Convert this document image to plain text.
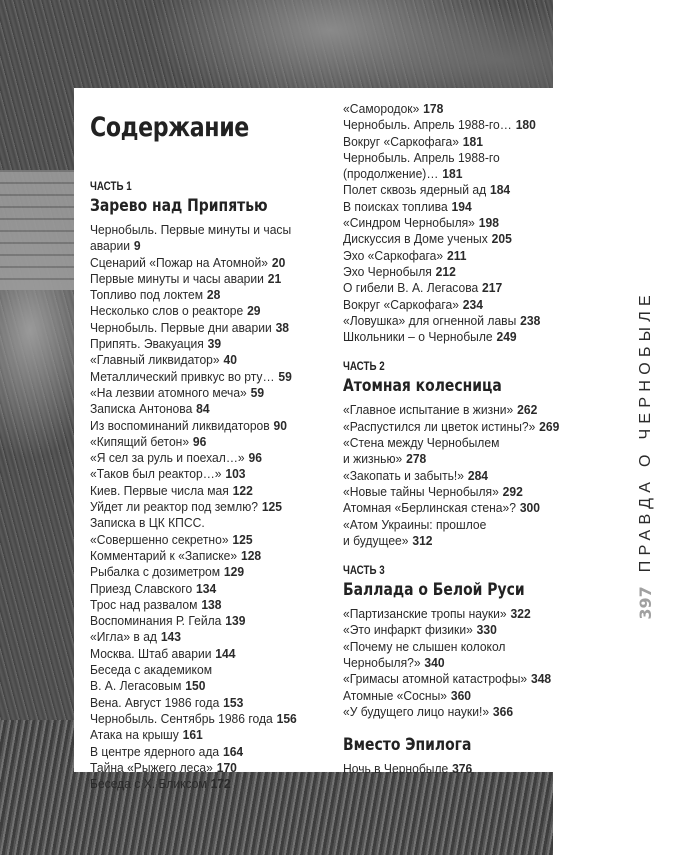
Содержание
ЧАСТЬ 1
Зарево над Припятью
Чернобыль. Первые минуты и часы
аварии 9
Сценарий «Пожар на Атомной» 20
Первые минуты и часы аварии 21
Топливо под локтем 28
Несколько слов о реакторе 29
Чернобыль. Первые дни аварии 38
Припять. Эвакуация 39
«Главный ликвидатор» 40
Металлический привкус во рту… 59
«На лезвии атомного меча» 59
Записка Антонова 84
Из воспоминаний ликвидаторов 90
«Кипящий бетон» 96
«Я сел за руль и поехал…» 96
«Таков был реактор…» 103
Киев. Первые числа мая 122
Уйдет ли реактор под землю? 125
Записка в ЦК КПСС.
«Совершенно секретно» 125
Комментарий к «Записке» 128
Рыбалка с дозиметром 129
Приезд Славского 134
Трос над развалом 138
Воспоминания Р. Гейла 139
«Игла» в ад 143
Москва. Штаб аварии 144
Беседа с академиком
В. А. Легасовым 150
Вена. Август 1986 года 153
Чернобыль. Сентябрь 1986 года 156
Атака на крышу 161
В центре ядерного ада 164
Тайна «Рыжего леса» 170
Беседа с Х. Бликсом 172
«Самородок» 178
Чернобыль. Апрель 1988-го… 180
Вокруг «Саркофага» 181
Чернобыль. Апрель 1988-го
(продолжение)… 181
Полет сквозь ядерный ад 184
В поисках топлива 194
«Синдром Чернобыля» 198
Дискуссия в Доме ученых 205
Эхо «Саркофага» 211
Эхо Чернобыля 212
О гибели В. А. Легасова 217
Вокруг «Саркофага» 234
«Ловушка» для огненной лавы 238
Школьники – о Чернобыле 249
ЧАСТЬ 2
Атомная колесница
«Главное испытание в жизни» 262
«Распустился ли цветок истины?» 269
«Стена между Чернобылем
и жизнью» 278
«Закопать и забыть!» 284
«Новые тайны Чернобыля» 292
Атомная «Берлинская стена»? 300
«Атом Украины: прошлое
и будущее» 312
ЧАСТЬ 3
Баллада о Белой Руси
«Партизанские тропы науки» 322
«Это инфаркт физики» 330
«Почему не слышен колокол
Чернобыля?» 340
«Гримасы атомной катастрофы» 348
Атомные «Сосны» 360
«У будущего лицо науки!» 366
Вместо Эпилога
Ночь в Чернобыле 376
397ПРАВДА О ЧЕРНОБЫЛЕ
